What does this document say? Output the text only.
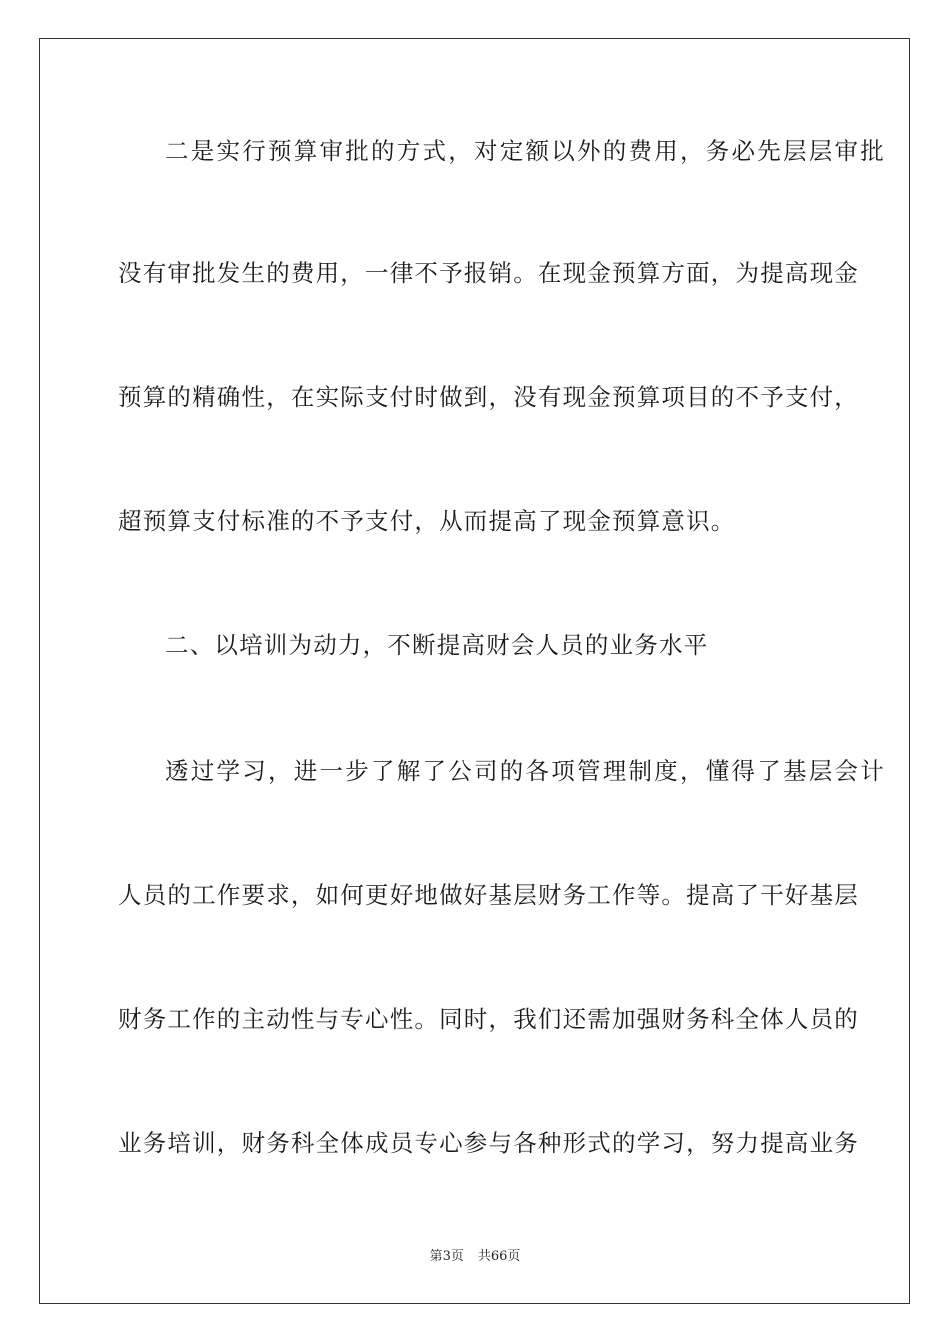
二是实行预算审批的方式，对定额以外的费用，务必先层层审批
没有审批发生的费用，一律不予报销。在现金预算方面，为提高现金
预算的精确性，在实际支付时做到，没有现金预算项目的不予支付，
超预算支付标准的不予支付，从而提高了现金预算意识。
二、以培训为动力，不断提高财会人员的业务水平
透过学习，进一步了解了公司的各项管理制度，懂得了基层会计
人员的工作要求，如何更好地做好基层财务工作等。提高了干好基层
财务工作的主动性与专心性。同时，我们还需加强财务科全体人员的
业务培训，财务科全体成员专心参与各种形式的学习，努力提高业务
第3页 共66页
